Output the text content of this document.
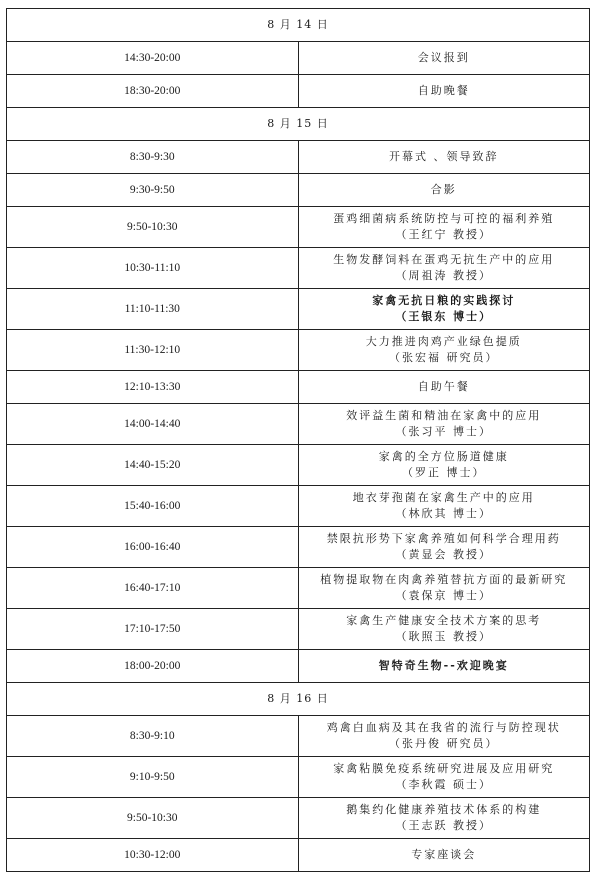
8 月 14 日	
14:30-20:00	会议报到

18:30-20:00	自助晚餐

8 月 15 日	
8:30-9:30	开幕式 、领导致辞

9:30-9:50	合影

9:50-10:30	蛋鸡细菌病系统防控与可控的福利养殖
（王红宁 教授）

10:30-11:10	生物发酵饲料在蛋鸡无抗生产中的应用
（周祖涛 教授）

11:10-11:30	家禽无抗日粮的实践探讨
（王银东 博士）

11:30-12:10	大力推进肉鸡产业绿色提质
（张宏福 研究员）

12:10-13:30	自助午餐

14:00-14:40	效评益生菌和精油在家禽中的应用
（张习平 博士）

14:40-15:20	家禽的全方位肠道健康
（罗正 博士）

15:40-16:00	地衣芽孢菌在家禽生产中的应用
（林欣其 博士）

16:00-16:40	禁限抗形势下家禽养殖如何科学合理用药
（黄显会 教授）

16:40-17:10	植物提取物在肉禽养殖替抗方面的最新研究
（袁保京 博士）

17:10-17:50	家禽生产健康安全技术方案的思考
（耿照玉 教授）

18:00-20:00	智特奇生物--欢迎晚宴

8 月 16 日	
8:30-9:10	鸡禽白血病及其在我省的流行与防控现状
（张丹俊 研究员）

9:10-9:50	家禽粘膜免疫系统研究进展及应用研究
（李秋霞 硕士）

9:50-10:30	鹅集约化健康养殖技术体系的构建
（王志跃 教授）

10:30-12:00	专家座谈会
